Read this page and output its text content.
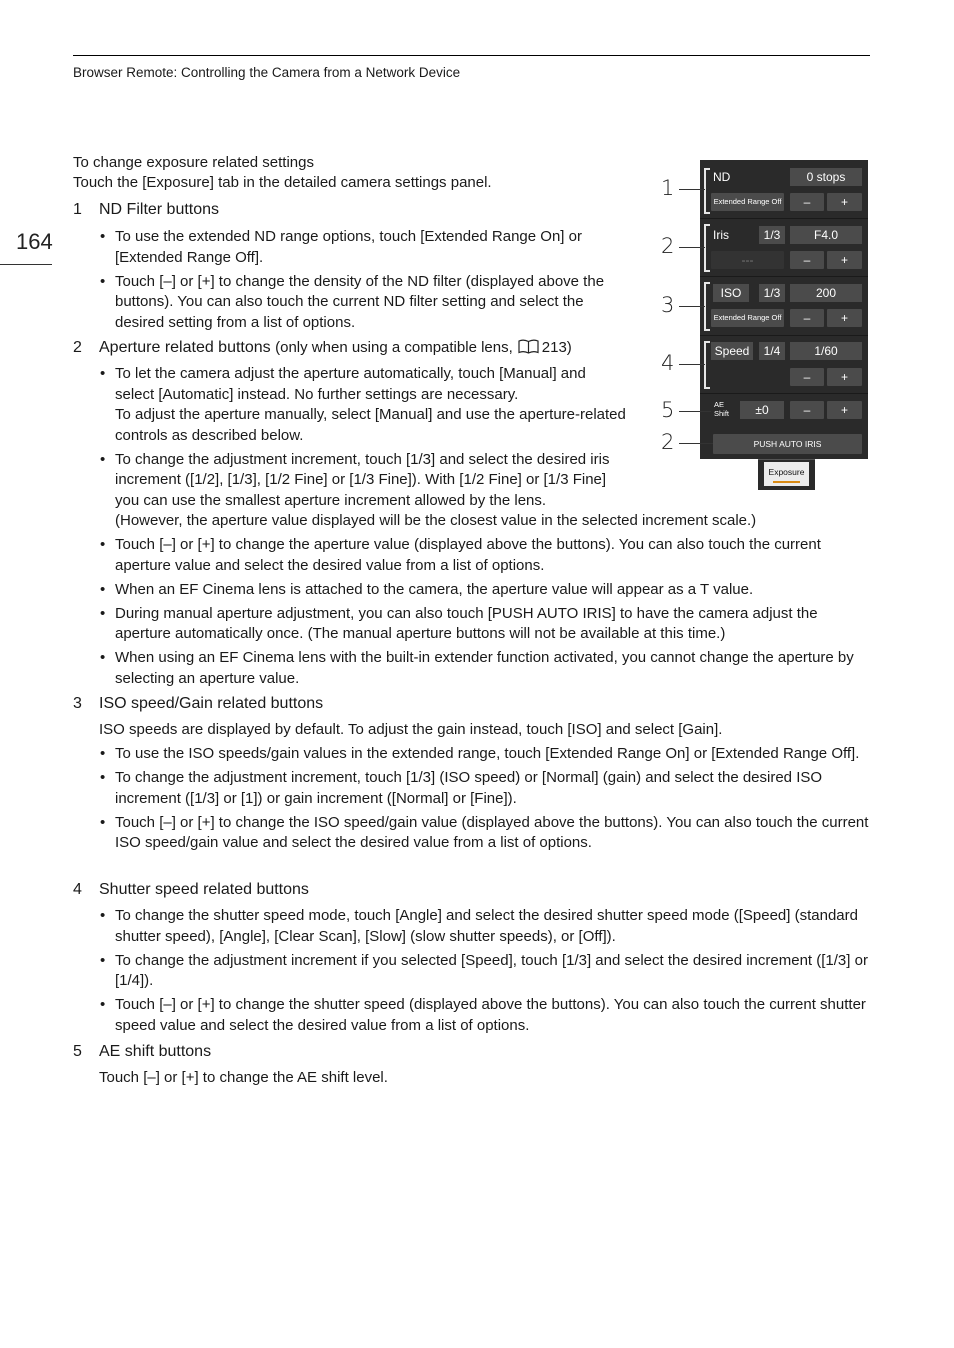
Browser Remote: Controlling the Camera from a Network Device
164
To change exposure related settings
Touch the [Exposure] tab in the detailed camera settings panel.
1 ND Filter buttons
• To use the extended ND range options, touch [Extended Range On] or [Extended Range Off].
• Touch [–] or [+] to change the density of the ND filter (displayed above the buttons). You can also touch the current ND filter setting and select the desired setting from a list of options.
2 Aperture related buttons (only when using a compatible lens, 213)
• To let the camera adjust the aperture automatically, touch [Manual] and select [Automatic] instead. No further settings are necessary.
To adjust the aperture manually, select [Manual] and use the aperture-related controls as described below.
• To change the adjustment increment, touch [1/3] and select the desired iris increment ([1/2], [1/3], [1/2 Fine] or [1/3 Fine]). With [1/2 Fine] or [1/3 Fine] you can use the smallest aperture increment allowed by the lens.
(However, the aperture value displayed will be the closest value in the selected increment scale.)
• Touch [–] or [+] to change the aperture value (displayed above the buttons). You can also touch the current aperture value and select the desired value from a list of options.
• When an EF Cinema lens is attached to the camera, the aperture value will appear as a T value.
• During manual aperture adjustment, you can also touch [PUSH AUTO IRIS] to have the camera adjust the aperture automatically once. (The manual aperture buttons will not be available at this time.)
• When using an EF Cinema lens with the built-in extender function activated, you cannot change the aperture by selecting an aperture value.
3 ISO speed/Gain related buttons
ISO speeds are displayed by default. To adjust the gain instead, touch [ISO] and select [Gain].
• To use the ISO speeds/gain values in the extended range, touch [Extended Range On] or [Extended Range Off].
• To change the adjustment increment, touch [1/3] (ISO speed) or [Normal] (gain) and select the desired ISO increment ([1/3] or [1]) or gain increment ([Normal] or [Fine]).
• Touch [–] or [+] to change the ISO speed/gain value (displayed above the buttons). You can also touch the current ISO speed/gain value and select the desired value from a list of options.
4 Shutter speed related buttons
• To change the shutter speed mode, touch [Angle] and select the desired shutter speed mode ([Speed] (standard shutter speed), [Angle], [Clear Scan], [Slow] (slow shutter speeds), or [Off]).
• To change the adjustment increment if you selected [Speed], touch [1/3] and select the desired increment ([1/3] or [1/4]).
• Touch [–] or [+] to change the shutter speed (displayed above the buttons). You can also touch the current shutter speed value and select the desired value from a list of options.
5 AE shift buttons
Touch [–] or [+] to change the AE shift level.
ND	0 stops
Extended Range Off	–	+
Iris	1/3	F4.0
---	–	+
ISO	1/3	200
Extended Range Off	–	+
Speed	1/4	1/60
–	+
AE
Shift	±0	–	+
PUSH AUTO IRIS
Exposure
1
2
3
4
5
2
